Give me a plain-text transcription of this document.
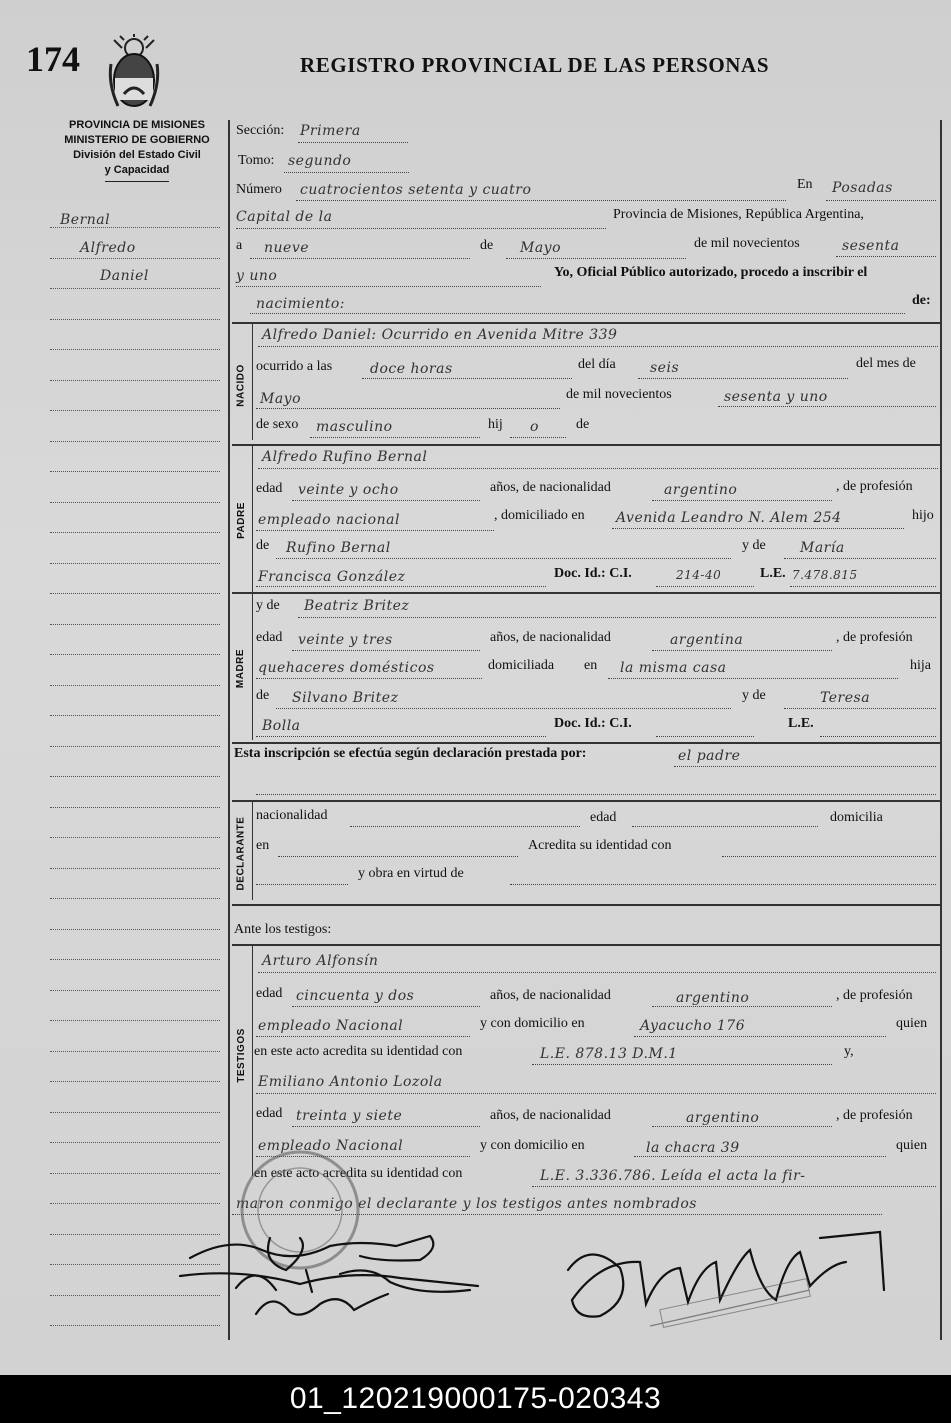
174	REGISTRO PROVINCIAL DE LAS PERSONAS
PROVINCIA DE MISIONES
MINISTERIO DE GOBIERNO
División del Estado Civil
y Capacidad
Bernal
Alfredo
Daniel
Sección: Primera
Tomo: segundo
Número cuatrocientos setenta y cuatro	En Posadas
Capital de la	Provincia de Misiones, República Argentina,
a nueve	de Mayo	de mil novecientos	sesenta
y uno	Yo, Oficial Público autorizado, procedo a inscribir el
nacimiento:	de:
NACIDO
Alfredo Daniel: Ocurrido en Avenida Mitre 339
ocurrido a las	doce horas	del día seis	del mes de
Mayo	de mil novecientos	sesenta y uno
de sexo masculino	hij o	de
PADRE
Alfredo Rufino Bernal
edad veinte y ocho	años, de nacionalidad	argentino	, de profesión
empleado nacional	, domiciliado en Avenida Leandro N. Alem 254	hijo
de Rufino Bernal	y de María
Francisca González	Doc. Id.: C.I.	214-40	L.E. 7.478.815
MADRE
y de Beatriz Britez
edad veinte y tres	años, de nacionalidad	argentina	, de profesión
quehaceres domésticos	domiciliada en la misma casa	hija
de Silvano Britez	y de	Teresa
Bolla	Doc. Id.: C.I.	L.E.
Esta inscripción se efectúa según declaración prestada por:	el padre
DECLARANTE
nacionalidad	edad	domicilia
en	Acredita su identidad con
y obra en virtud de
Ante los testigos:
TESTIGOS
Arturo Alfonsín
edad cincuenta y dos	años, de nacionalidad	argentino	, de profesión
empleado Nacional	y con domicilio en	Ayacucho 176	quien
en este acto acredita su identidad con	L.E. 878.13 D.M.1	y,
Emiliano Antonio Lozola
edad treinta y siete	años, de nacionalidad	argentino	, de profesión
empleado Nacional	y con domicilio en	la chacra 39	quien
en este acto acredita su identidad con	L.E. 3.336.786. Leída el acta la fir-
maron conmigo el declarante y los testigos antes nombrados
01_120219000175-020343
